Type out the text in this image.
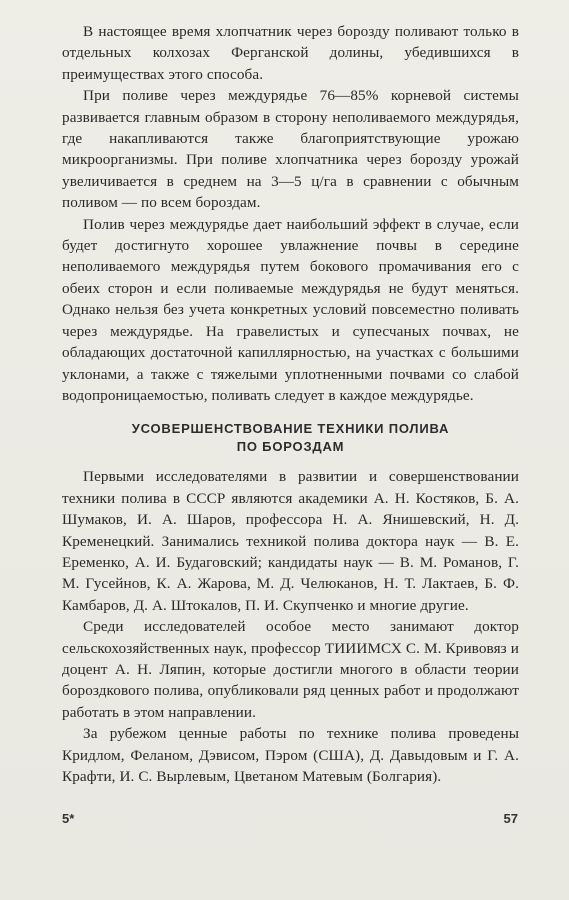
В настоящее время хлопчатник через борозду поливают только в отдельных колхозах Ферганской долины, убедившихся в преимуществах этого способа.

При поливе через междурядье 76—85% корневой системы развивается главным образом в сторону неполиваемого междурядья, где накапливаются также благоприятствующие урожаю микроорганизмы. При поливе хлопчатника через борозду урожай увеличивается в среднем на 3—5 ц/га в сравнении с обычным поливом — по всем бороздам.

Полив через междурядье дает наибольший эффект в случае, если будет достигнуто хорошее увлажнение почвы в середине неполиваемого междурядья путем бокового промачивания его с обеих сторон и если поливаемые междурядья не будут меняться. Однако нельзя без учета конкретных условий повсеместно поливать через междурядье. На гравелистых и супесчаных почвах, не обладающих достаточной капиллярностью, на участках с большими уклонами, а также с тяжелыми уплотненными почвами со слабой водопроницаемостью, поливать следует в каждое междурядье.

УСОВЕРШЕНСТВОВАНИЕ ТЕХНИКИ ПОЛИВА
ПО БОРОЗДАМ

Первыми исследователями в развитии и совершенствовании техники полива в СССР являются академики А. Н. Костяков, Б. А. Шумаков, И. А. Шаров, профессора Н. А. Янишевский, Н. Д. Кременецкий. Занимались техникой полива доктора наук — В. Е. Еременко, А. И. Будаговский; кандидаты наук — В. М. Романов, Г. М. Гусейнов, К. А. Жарова, М. Д. Челюканов, Н. Т. Лактаев, Б. Ф. Камбаров, Д. А. Штокалов, П. И. Скупченко и многие другие.

Среди исследователей особое место занимают доктор сельскохозяйственных наук, профессор ТИИИМСХ С. М. Кривовяз и доцент А. Н. Ляпин, которые достигли многого в области теории бороздкового полива, опубликовали ряд ценных работ и продолжают работать в этом направлении.

За рубежом ценные работы по технике полива проведены Кридлом, Феланом, Дэвисом, Пэром (США), Д. Давыдовым и Г. А. Крафти, И. С. Вырлевым, Цветаном Матевым (Болгария).

5*	57
